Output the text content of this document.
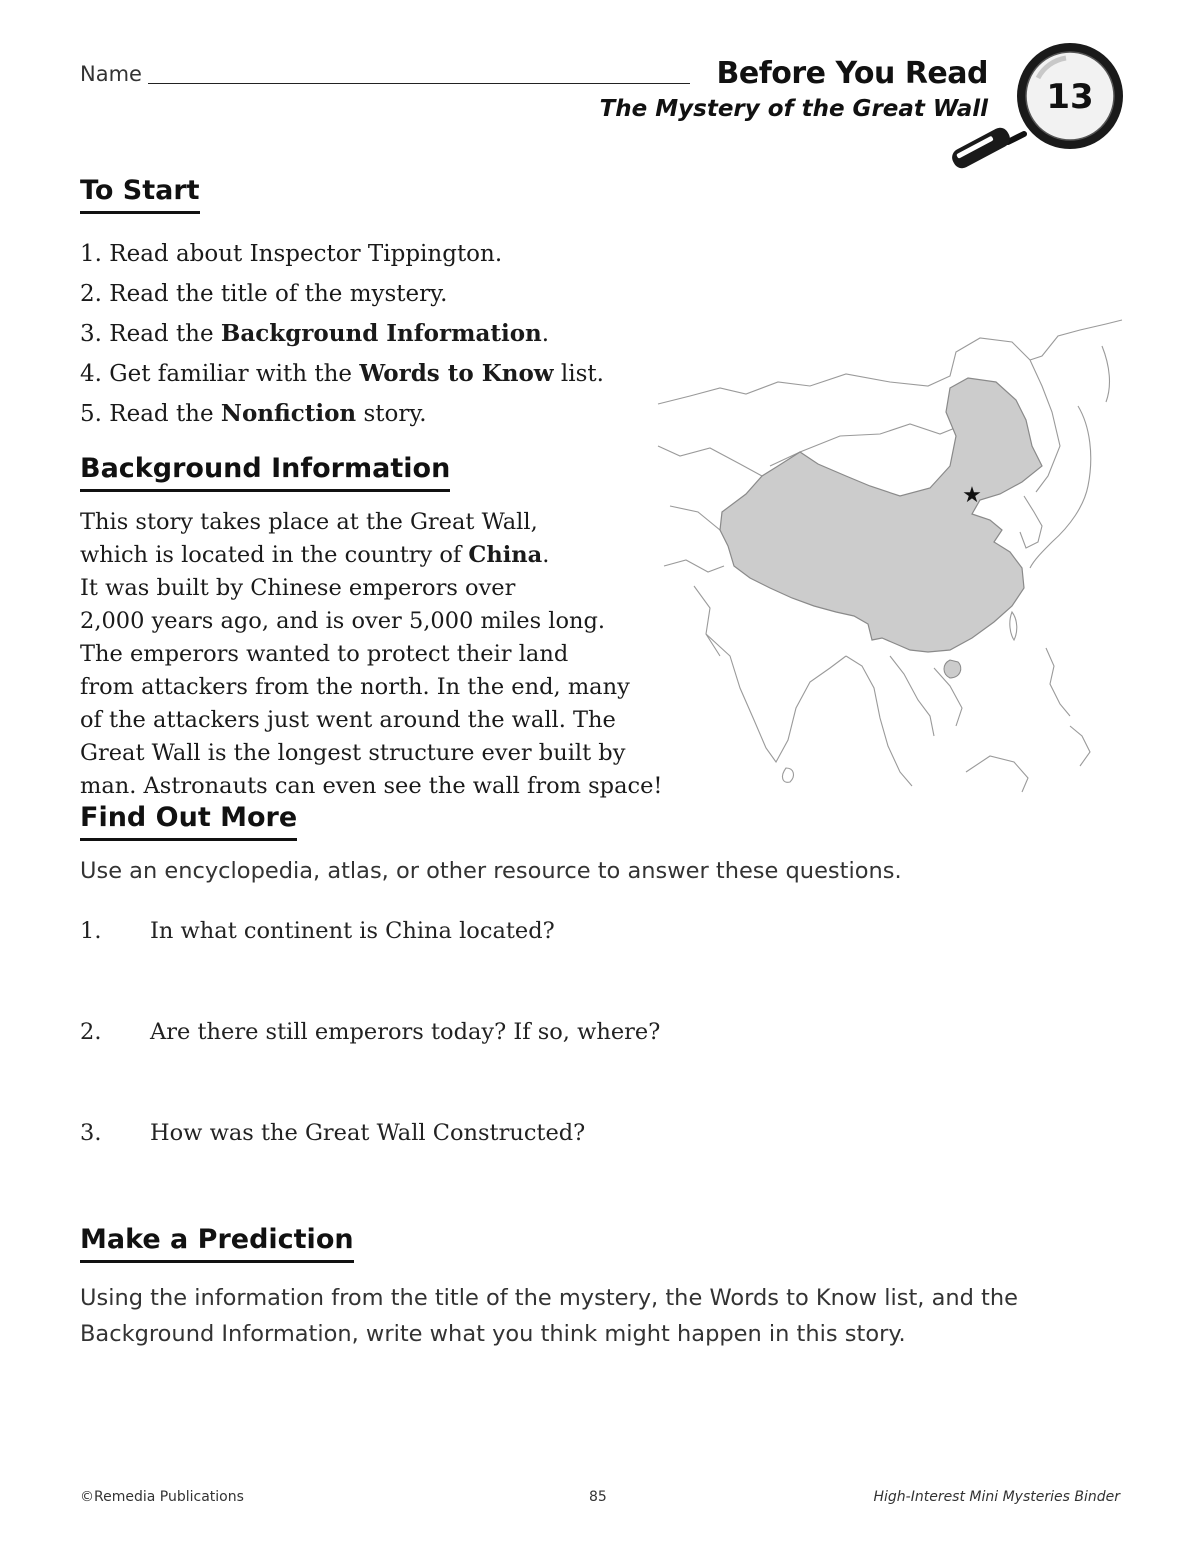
Name	Before You Read
The Mystery of the Great Wall 13
To Start
1. Read about Inspector Tippington.
2. Read the title of the mystery.
3. Read the Background Information.
4. Get familiar with the Words to Know list.
5. Read the Nonfiction story.
Background Information
This story takes place at the Great Wall,
which is located in the country of China.
It was built by Chinese emperors over
2,000 years ago, and is over 5,000 miles long.
The emperors wanted to protect their land
from attackers from the north. In the end, many
of the attackers just went around the wall. The
Great Wall is the longest structure ever built by
man. Astronauts can even see the wall from space!
★
Find Out More
Use an encyclopedia, atlas, or other resource to answer these questions.
1. In what continent is China located?
2. Are there still emperors today? If so, where?
3. How was the Great Wall Constructed?
Make a Prediction
Using the information from the title of the mystery, the Words to Know list, and the
Background Information, write what you think might happen in this story.
©Remedia Publications	85	High-Interest Mini Mysteries Binder
